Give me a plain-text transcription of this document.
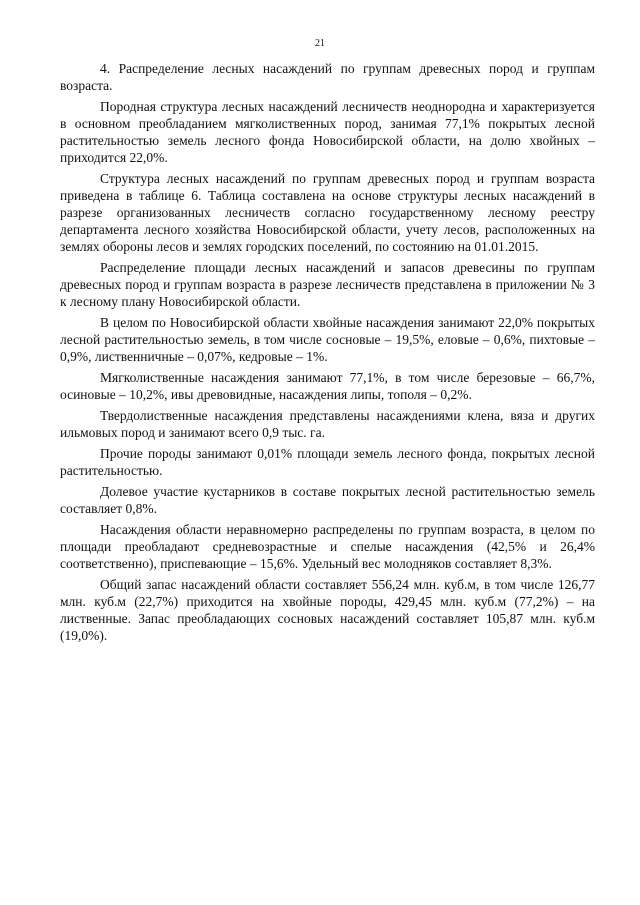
21

4. Распределение лесных насаждений по группам древесных пород и группам возраста.

Породная структура лесных насаждений лесничеств неоднородна и характеризуется в основном преобладанием мягколиственных пород, занимая 77,1% покрытых лесной растительностью земель лесного фонда Новосибирской области, на долю хвойных – приходится 22,0%.

Структура лесных насаждений по группам древесных пород и группам возраста приведена в таблице 6. Таблица составлена на основе структуры лесных насаждений в разрезе организованных лесничеств согласно государственному лесному реестру департамента лесного хозяйства Новосибирской области, учету лесов, расположенных на землях обороны лесов и землях городских поселений, по состоянию на 01.01.2015.

Распределение площади лесных насаждений и запасов древесины по группам древесных пород и группам возраста в разрезе лесничеств представлена в приложении № 3 к лесному плану Новосибирской области.

В целом по Новосибирской области хвойные насаждения занимают 22,0% покрытых лесной растительностью земель, в том числе сосновые – 19,5%, еловые – 0,6%, пихтовые – 0,9%, лиственничные – 0,07%, кедровые – 1%.

Мягколиственные насаждения занимают 77,1%, в том числе березовые – 66,7%, осиновые – 10,2%, ивы древовидные, насаждения липы, тополя – 0,2%.

Твердолиственные насаждения представлены насаждениями клена, вяза и других ильмовых пород и занимают всего 0,9 тыс. га.

Прочие породы занимают 0,01% площади земель лесного фонда, покрытых лесной растительностью.

Долевое участие кустарников в составе покрытых лесной растительностью земель составляет 0,8%.

Насаждения области неравномерно распределены по группам возраста, в целом по площади преобладают средневозрастные и спелые насаждения (42,5% и 26,4% соответственно), приспевающие – 15,6%. Удельный вес молодняков составляет 8,3%.

Общий запас насаждений области составляет 556,24 млн. куб.м, в том числе 126,77 млн. куб.м (22,7%) приходится на хвойные породы, 429,45 млн. куб.м (77,2%) – на лиственные. Запас преобладающих сосновых насаждений составляет 105,87 млн. куб.м (19,0%).
